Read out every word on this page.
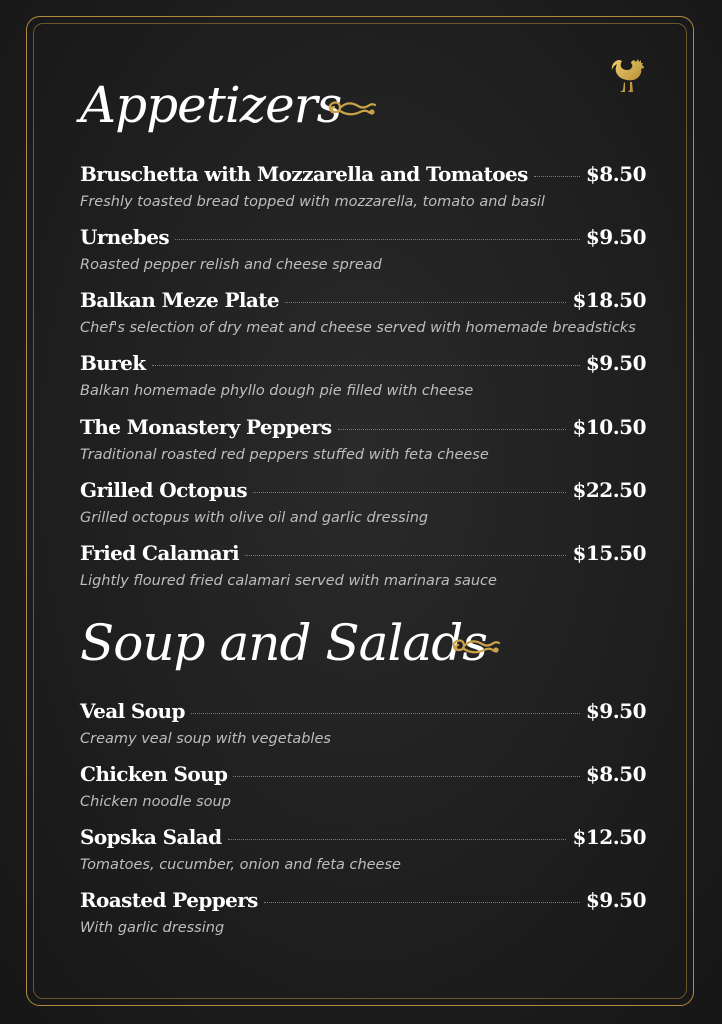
Appetizers
Bruschetta with Mozzarella and Tomatoes	$8.50
Freshly toasted bread topped with mozzarella, tomato and basil
Urnebes	$9.50
Roasted pepper relish and cheese spread
Balkan Meze Plate	$18.50
Chef's selection of dry meat and cheese served with homemade breadsticks
Burek	$9.50
Balkan homemade phyllo dough pie filled with cheese
The Monastery Peppers	$10.50
Traditional roasted red peppers stuffed with feta cheese
Grilled Octopus	$22.50
Grilled octopus with olive oil and garlic dressing
Fried Calamari	$15.50
Lightly floured fried calamari served with marinara sauce
Soup and Salads
Veal Soup	$9.50
Creamy veal soup with vegetables
Chicken Soup	$8.50
Chicken noodle soup
Sopska Salad	$12.50
Tomatoes, cucumber, onion and feta cheese
Roasted Peppers	$9.50
With garlic dressing
